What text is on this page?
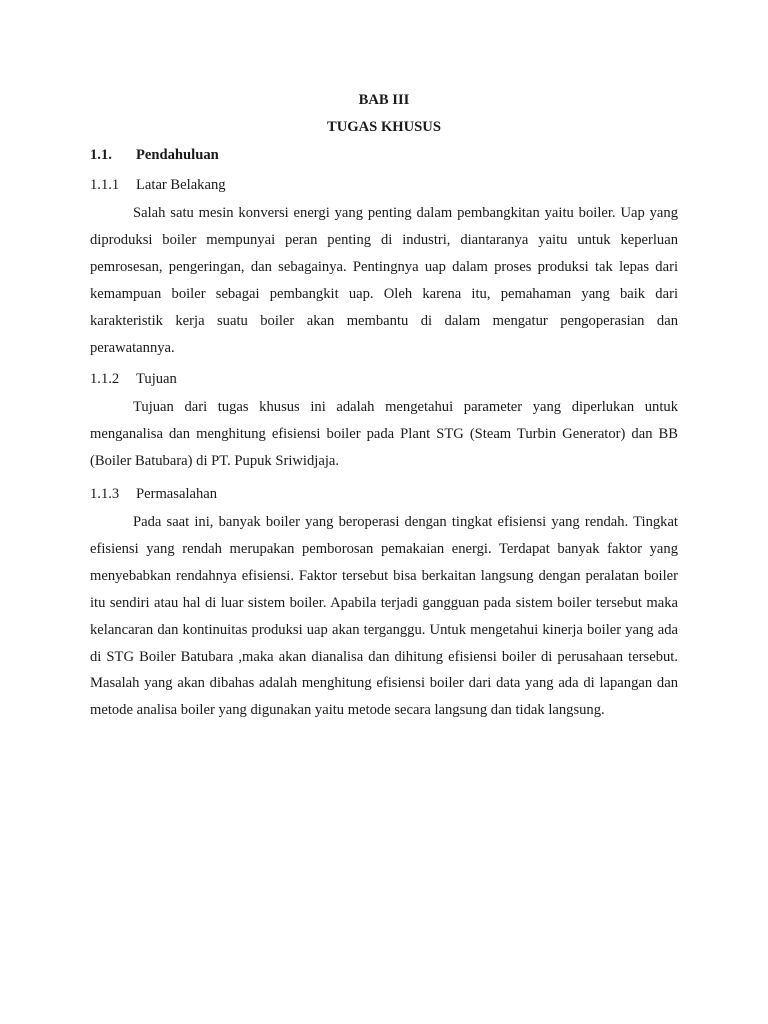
BAB III
TUGAS KHUSUS
1.1. Pendahuluan
1.1.1 Latar Belakang

Salah satu mesin konversi energi yang penting dalam pembangkitan yaitu boiler. Uap yang diproduksi boiler mempunyai peran penting di industri, diantaranya yaitu untuk keperluan pemrosesan, pengeringan, dan sebagainya. Pentingnya uap dalam proses produksi tak lepas dari kemampuan boiler sebagai pembangkit uap. Oleh karena itu, pemahaman yang baik dari karakteristik kerja suatu boiler akan membantu di dalam mengatur pengoperasian dan perawatannya.

1.1.2 Tujuan

Tujuan dari tugas khusus ini adalah mengetahui parameter yang diperlukan untuk menganalisa dan menghitung efisiensi boiler pada Plant STG (Steam Turbin Generator) dan BB (Boiler Batubara) di PT. Pupuk Sriwidjaja.

1.1.3 Permasalahan

Pada saat ini, banyak boiler yang beroperasi dengan tingkat efisiensi yang rendah. Tingkat efisiensi yang rendah merupakan pemborosan pemakaian energi. Terdapat banyak faktor yang menyebabkan rendahnya efisiensi. Faktor tersebut bisa berkaitan langsung dengan peralatan boiler itu sendiri atau hal di luar sistem boiler. Apabila terjadi gangguan pada sistem boiler tersebut maka kelancaran dan kontinuitas produksi uap akan terganggu. Untuk mengetahui kinerja boiler yang ada di STG Boiler Batubara ,maka akan dianalisa dan dihitung efisiensi boiler di perusahaan tersebut. Masalah yang akan dibahas adalah menghitung efisiensi boiler dari data yang ada di lapangan dan metode analisa boiler yang digunakan yaitu metode secara langsung dan tidak langsung.
